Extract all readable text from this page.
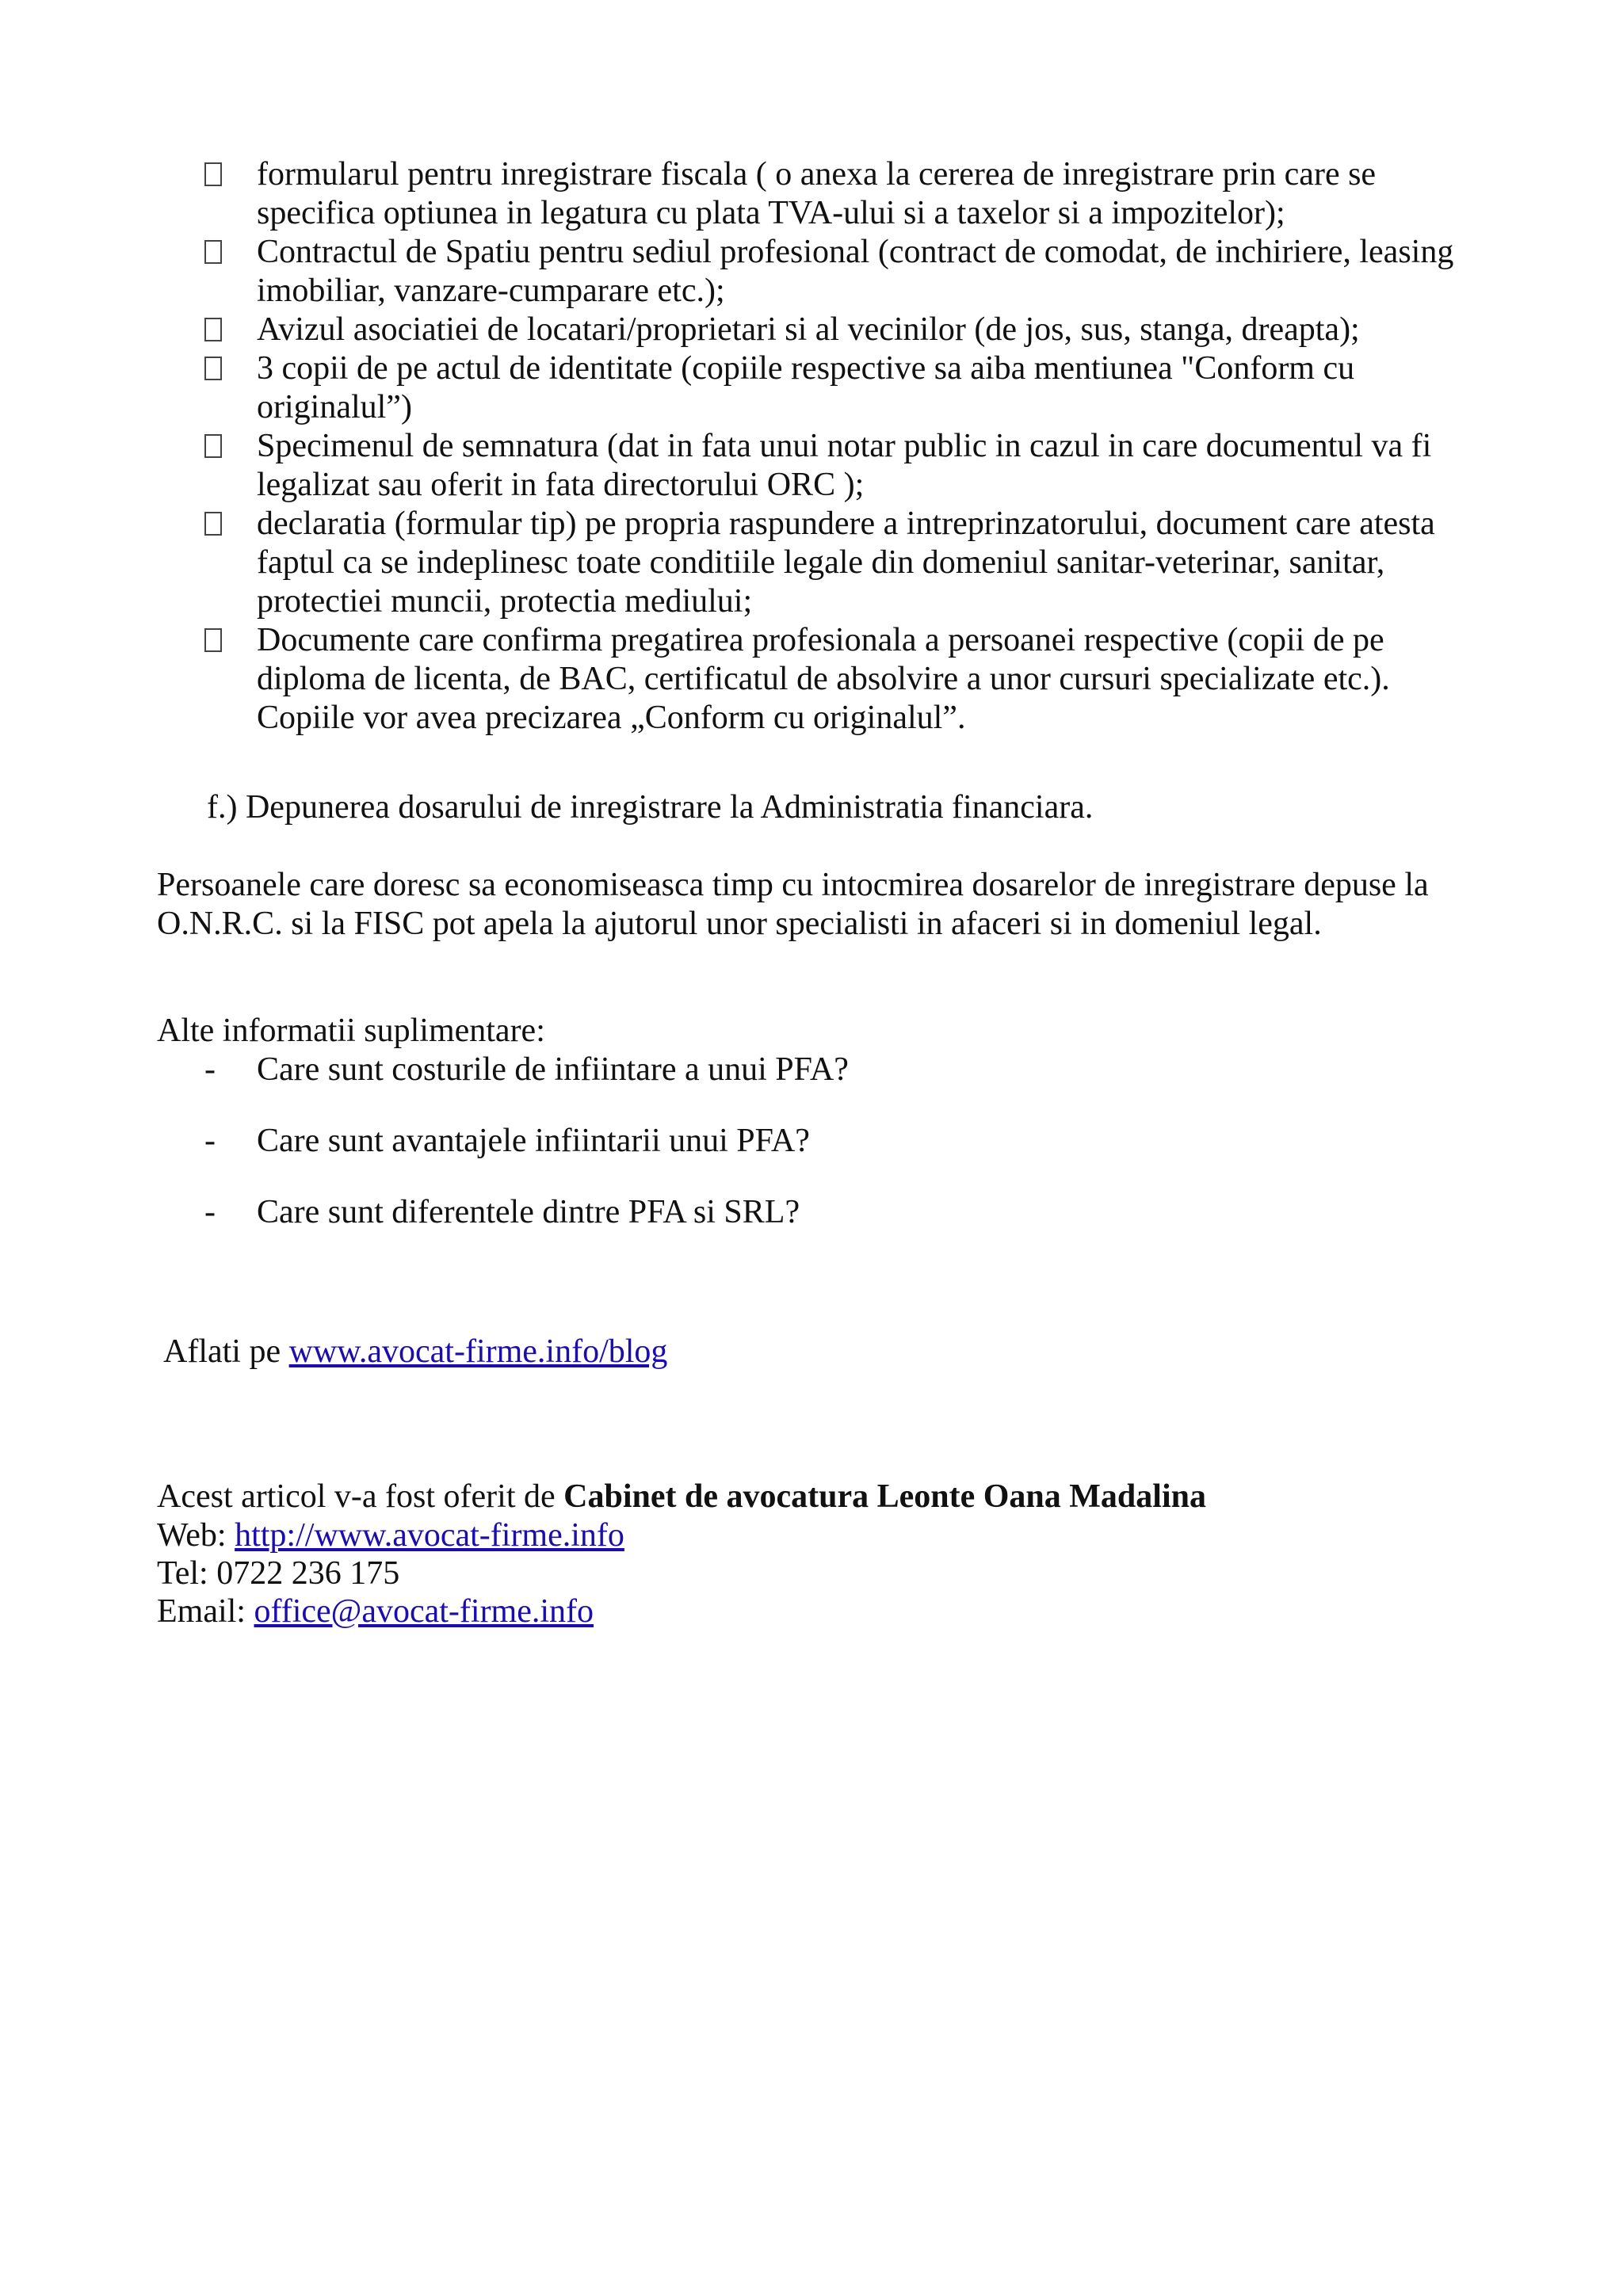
formularul pentru inregistrare fiscala ( o anexa la cererea de inregistrare prin care se
specifica optiunea in legatura cu plata TVA-ului si a taxelor si a impozitelor);
Contractul de Spatiu pentru sediul profesional (contract de comodat, de inchiriere, leasing
imobiliar, vanzare-cumparare etc.);
Avizul asociatiei de locatari/proprietari si al vecinilor (de jos, sus, stanga, dreapta);
3 copii de pe actul de identitate (copiile respective sa aiba mentiunea "Conform cu
originalul”)
Specimenul de semnatura (dat in fata unui notar public in cazul in care documentul va fi
legalizat sau oferit in fata directorului ORC );
declaratia (formular tip) pe propria raspundere a intreprinzatorului, document care atesta
faptul ca se indeplinesc toate conditiile legale din domeniul sanitar-veterinar, sanitar,
protectiei muncii, protectia mediului;
Documente care confirma pregatirea profesionala a persoanei respective (copii de pe
diploma de licenta, de BAC, certificatul de absolvire a unor cursuri specializate etc.).
Copiile vor avea precizarea „Conform cu originalul”.

f.) Depunerea dosarului de inregistrare la Administratia financiara.

Persoanele care doresc sa economiseasca timp cu intocmirea dosarelor de inregistrare depuse la
O.N.R.C. si la FISC pot apela la ajutorul unor specialisti in afaceri si in domeniul legal.

Alte informatii suplimentare:

- Care sunt costurile de infiintare a unui PFA?
- Care sunt avantajele infiintarii unui PFA?
- Care sunt diferentele dintre PFA si SRL?

Aflati pe www.avocat-firme.info/blog

Acest articol v-a fost oferit de Cabinet de avocatura Leonte Oana Madalina

Web: http://www.avocat-firme.info

Tel: 0722 236 175

Email: office@avocat-firme.info
